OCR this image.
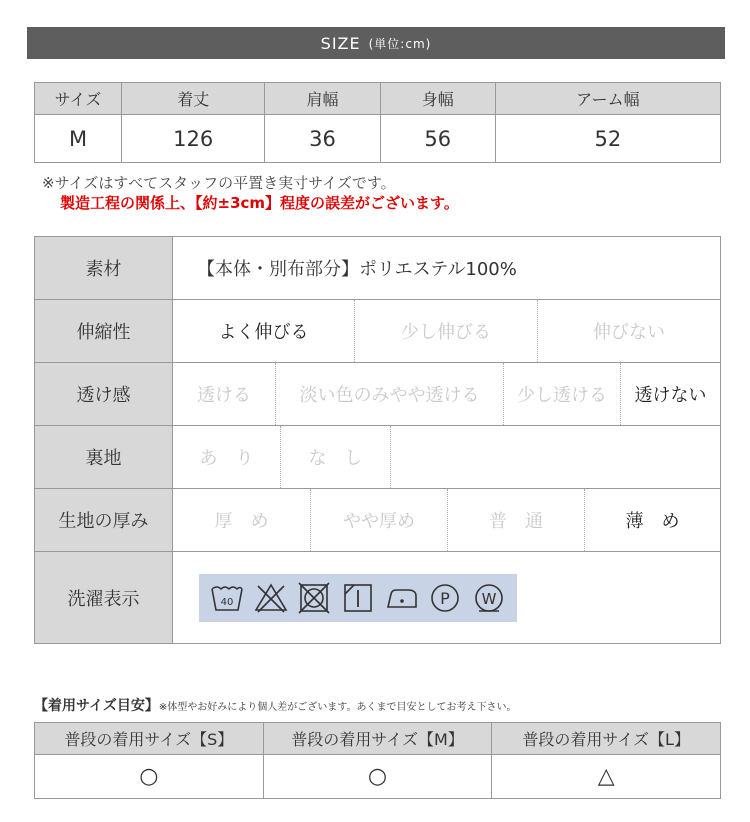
SIZE (単位:cm)
サイズ	着丈	肩幅	身幅	アーム幅
M	126	36	56	52
※サイズはすべてスタッフの平置き実寸サイズです。
製造工程の関係上、【約±3cm】程度の誤差がございます。
素材	【本体・別布部分】ポリエステル100%
伸縮性	よく伸びる	少し伸びる	伸びない
透け感	透ける	淡い色のみやや透ける	少し透ける	透けない
裏地	あ　り	な　し
生地の厚み	厚　め	やや厚め	普　通	薄　め
洗濯表示	40	P W
【着用サイズ目安】※体型やお好みにより個人差がございます。あくまで目安としてお考え下さい。
普段の着用サイズ【S】	普段の着用サイズ【M】	普段の着用サイズ【L】
○	○	△
